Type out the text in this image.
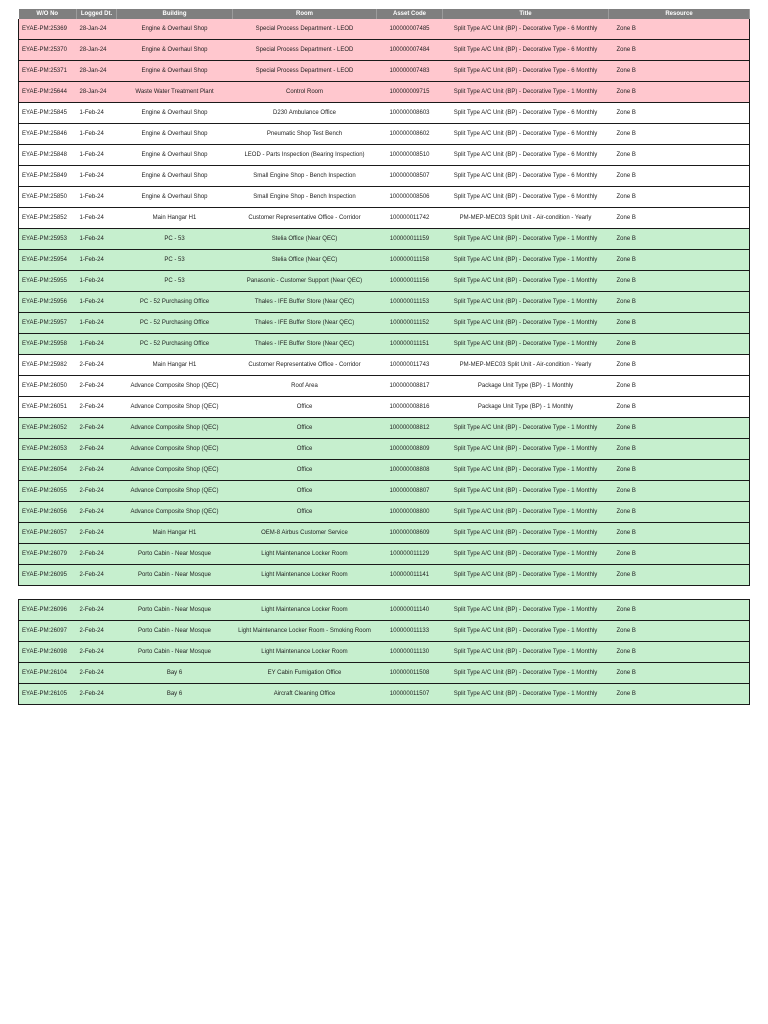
W/O No	Logged Dt.	Building	Room	Asset Code	Title	Resource
EYAE-PM:25369	28-Jan-24	Engine & Overhaul Shop	Special Process Department - LEOD	100000007485	Split Type A/C Unit (BP) - Decorative Type - 6 Monthly	Zone B
EYAE-PM:25370	28-Jan-24	Engine & Overhaul Shop	Special Process Department - LEOD	100000007484	Split Type A/C Unit (BP) - Decorative Type - 6 Monthly	Zone B
EYAE-PM:25371	28-Jan-24	Engine & Overhaul Shop	Special Process Department - LEOD	100000007483	Split Type A/C Unit (BP) - Decorative Type - 6 Monthly	Zone B
EYAE-PM:25644	28-Jan-24	Waste Water Treatment Plant	Control Room	100000009715	Split Type A/C Unit (BP) - Decorative Type - 1 Monthly	Zone B
EYAE-PM:25845	1-Feb-24	Engine & Overhaul Shop	D230 Ambulance Office	100000008603	Split Type A/C Unit (BP) - Decorative Type - 6 Monthly	Zone B
EYAE-PM:25846	1-Feb-24	Engine & Overhaul Shop	Pneumatic Shop Test Bench	100000008602	Split Type A/C Unit (BP) - Decorative Type - 6 Monthly	Zone B
EYAE-PM:25848	1-Feb-24	Engine & Overhaul Shop	LEOD - Parts Inspection (Bearing Inspection)	100000008510	Split Type A/C Unit (BP) - Decorative Type - 6 Monthly	Zone B
EYAE-PM:25849	1-Feb-24	Engine & Overhaul Shop	Small Engine Shop - Bench Inspection	100000008507	Split Type A/C Unit (BP) - Decorative Type - 6 Monthly	Zone B
EYAE-PM:25850	1-Feb-24	Engine & Overhaul Shop	Small Engine Shop - Bench Inspection	100000008506	Split Type A/C Unit (BP) - Decorative Type - 6 Monthly	Zone B
EYAE-PM:25852	1-Feb-24	Main Hangar H1	Customer Representative Office - Corridor	100000011742	PM-MEP-MEC03 Split Unit - Air-condition - Yearly	Zone B
EYAE-PM:25953	1-Feb-24	PC - 53	Stelia Office (Near QEC)	100000011159	Split Type A/C Unit (BP) - Decorative Type - 1 Monthly	Zone B
EYAE-PM:25954	1-Feb-24	PC - 53	Stelia Office (Near QEC)	100000011158	Split Type A/C Unit (BP) - Decorative Type - 1 Monthly	Zone B
EYAE-PM:25955	1-Feb-24	PC - 53	Panasonic - Customer Support (Near QEC)	100000011156	Split Type A/C Unit (BP) - Decorative Type - 1 Monthly	Zone B
EYAE-PM:25956	1-Feb-24	PC - 52 Purchasing Office	Thales - IFE Buffer Store (Near QEC)	100000011153	Split Type A/C Unit (BP) - Decorative Type - 1 Monthly	Zone B
EYAE-PM:25957	1-Feb-24	PC - 52 Purchasing Office	Thales - IFE Buffer Store (Near QEC)	100000011152	Split Type A/C Unit (BP) - Decorative Type - 1 Monthly	Zone B
EYAE-PM:25958	1-Feb-24	PC - 52 Purchasing Office	Thales - IFE Buffer Store (Near QEC)	100000011151	Split Type A/C Unit (BP) - Decorative Type - 1 Monthly	Zone B
EYAE-PM:25982	2-Feb-24	Main Hangar H1	Customer Representative Office - Corridor	100000011743	PM-MEP-MEC03 Split Unit - Air-condition - Yearly	Zone B
EYAE-PM:26050	2-Feb-24	Advance Composite Shop (QEC)	Roof Area	100000008817	Package Unit Type (BP) - 1 Monthly	Zone B
EYAE-PM:26051	2-Feb-24	Advance Composite Shop (QEC)	Office	100000008816	Package Unit Type (BP) - 1 Monthly	Zone B
EYAE-PM:26052	2-Feb-24	Advance Composite Shop (QEC)	Office	100000008812	Split Type A/C Unit (BP) - Decorative Type - 1 Monthly	Zone B
EYAE-PM:26053	2-Feb-24	Advance Composite Shop (QEC)	Office	100000008809	Split Type A/C Unit (BP) - Decorative Type - 1 Monthly	Zone B
EYAE-PM:26054	2-Feb-24	Advance Composite Shop (QEC)	Office	100000008808	Split Type A/C Unit (BP) - Decorative Type - 1 Monthly	Zone B
EYAE-PM:26055	2-Feb-24	Advance Composite Shop (QEC)	Office	100000008807	Split Type A/C Unit (BP) - Decorative Type - 1 Monthly	Zone B
EYAE-PM:26056	2-Feb-24	Advance Composite Shop (QEC)	Office	100000008800	Split Type A/C Unit (BP) - Decorative Type - 1 Monthly	Zone B
EYAE-PM:26057	2-Feb-24	Main Hangar H1	OEM-8 Airbus Customer Service	100000008609	Split Type A/C Unit (BP) - Decorative Type - 1 Monthly	Zone B
EYAE-PM:26079	2-Feb-24	Porto Cabin - Near Mosque	Light Maintenance Locker Room	100000011129	Split Type A/C Unit (BP) - Decorative Type - 1 Monthly	Zone B
EYAE-PM:26095	2-Feb-24	Porto Cabin - Near Mosque	Light Maintenance Locker Room	100000011141	Split Type A/C Unit (BP) - Decorative Type - 1 Monthly	Zone B
EYAE-PM:26096	2-Feb-24	Porto Cabin - Near Mosque	Light Maintenance Locker Room	100000011140	Split Type A/C Unit (BP) - Decorative Type - 1 Monthly	Zone B
EYAE-PM:26097	2-Feb-24	Porto Cabin - Near Mosque	Light Maintenance Locker Room - Smoking Room	100000011133	Split Type A/C Unit (BP) - Decorative Type - 1 Monthly	Zone B
EYAE-PM:26098	2-Feb-24	Porto Cabin - Near Mosque	Light Maintenance Locker Room	100000011130	Split Type A/C Unit (BP) - Decorative Type - 1 Monthly	Zone B
EYAE-PM:26104	2-Feb-24	Bay 6	EY Cabin Fumigation Office	100000011508	Split Type A/C Unit (BP) - Decorative Type - 1 Monthly	Zone B
EYAE-PM:26105	2-Feb-24	Bay 6	Aircraft Cleaning Office	100000011507	Split Type A/C Unit (BP) - Decorative Type - 1 Monthly	Zone B
